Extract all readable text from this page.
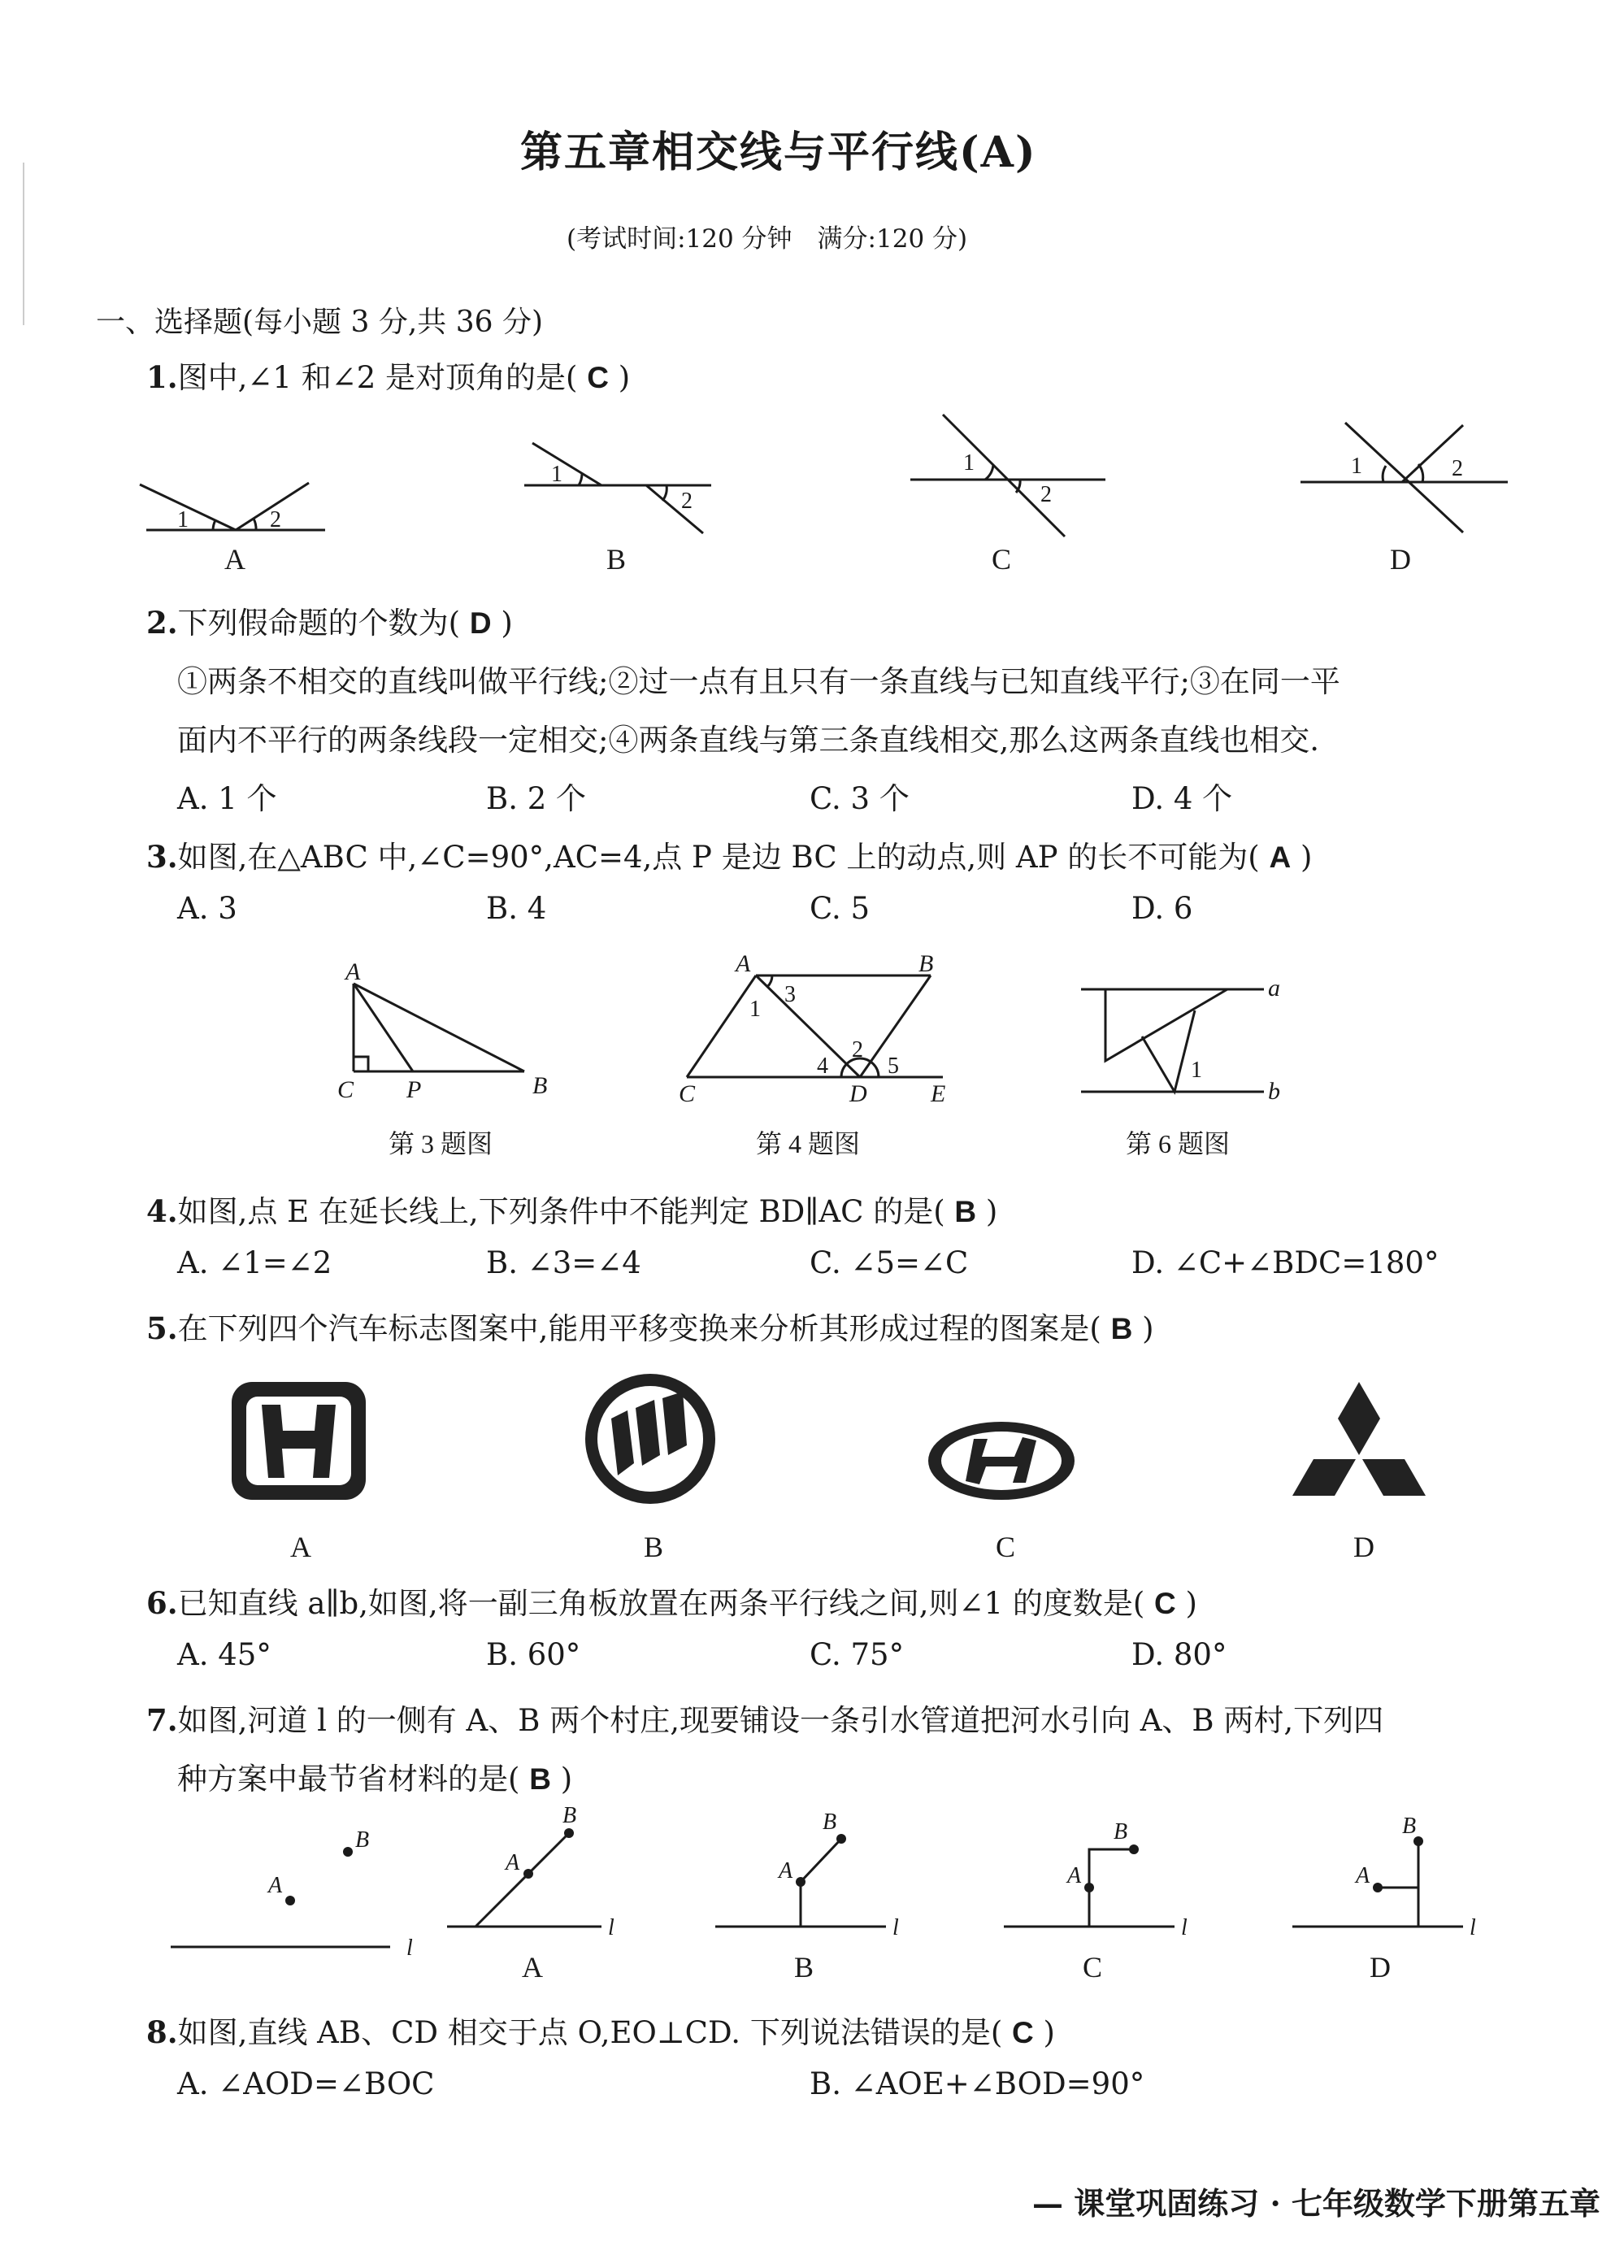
第五章相交线与平行线(A)
(考试时间:120 分钟　满分:120 分)
一、选择题(每小题 3 分,共 36 分)
1.图中,∠1 和∠2 是对顶角的是( C )
1	2
1
2
1
2
1	2
A	B	C	D
2.下列假命题的个数为( D )
①两条不相交的直线叫做平行线;②过一点有且只有一条直线与已知直线平行;③在同一平
面内不平行的两条线段一定相交;④两条直线与第三条直线相交,那么这两条直线也相交.
A. 1 个	B. 2 个	C. 3 个	D. 4 个
3.如图,在△ABC 中,∠C=90°,AC=4,点 P 是边 BC 上的动点,则 AP 的长不可能为( A )
A. 3	B. 4	C. 5	D. 6
A
C P	B
A	B
C	D	E
a
b
1
2
3
4	5	1
第 3 题图	第 4 题图	第 6 题图
4.如图,点 E 在延长线上,下列条件中不能判定 BD∥AC 的是( B )
A. ∠1=∠2	B. ∠3=∠4	C. ∠5=∠C	D. ∠C+∠BDC=180°
5.在下列四个汽车标志图案中,能用平移变换来分析其形成过程的图案是( B )
A	B	C	D
6.已知直线 a∥b,如图,将一副三角板放置在两条平行线之间,则∠1 的度数是( C )
A. 45°	B. 60°	C. 75°	D. 80°
7.如图,河道 l 的一侧有 A、B 两个村庄,现要铺设一条引水管道把河水引向 A、B 两村,下列四
种方案中最节省材料的是( B )
A
B
l
A
B
l
A
B
l
A
B
l
A
B
l
A	B	C	D
8.如图,直线 AB、CD 相交于点 O,EO⊥CD. 下列说法错误的是( C )
A. ∠AOD=∠BOC	B. ∠AOE+∠BOD=90°
— 课堂巩固练习 · 七年级数学下册第五章
